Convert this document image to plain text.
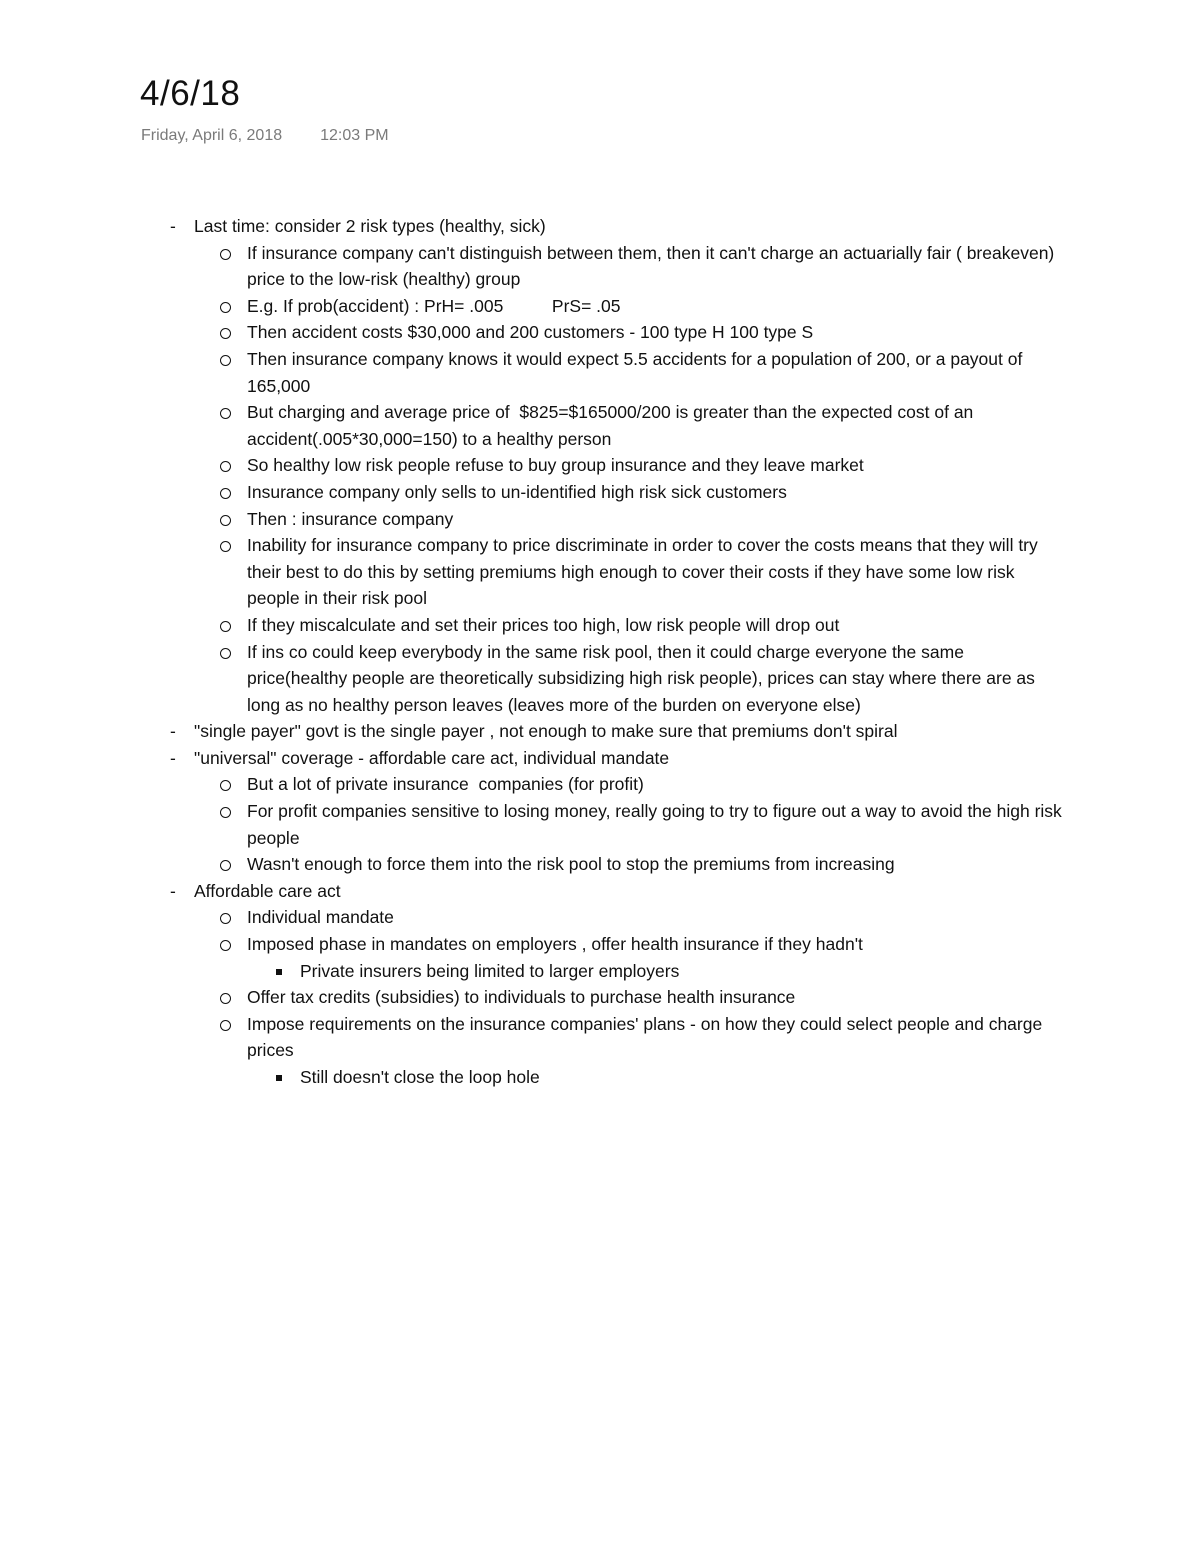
4/6/18
Friday, April 6, 2018 12:03 PM
- Last time: consider 2 risk types (healthy, sick)
If insurance company can't distinguish between them, then it can't charge an actuarially fair ( breakeven) price to the low-risk (healthy) group
E.g. If prob(accident) : PrH= .005          PrS= .05
Then accident costs $30,000 and 200 customers - 100 type H 100 type S
Then insurance company knows it would expect 5.5 accidents for a population of 200, or a payout of 165,000
But charging and average price of  $825=$165000/200 is greater than the expected cost of an accident(.005*30,000=150) to a healthy person
So healthy low risk people refuse to buy group insurance and they leave market
Insurance company only sells to un-identified high risk sick customers
Then : insurance company
Inability for insurance company to price discriminate in order to cover the costs means that they will try their best to do this by setting premiums high enough to cover their costs if they have some low risk people in their risk pool
If they miscalculate and set their prices too high, low risk people will drop out
If ins co could keep everybody in the same risk pool, then it could charge everyone the same price(healthy people are theoretically subsidizing high risk people), prices can stay where there are as long as no healthy person leaves (leaves more of the burden on everyone else)
- "single payer" govt is the single payer , not enough to make sure that premiums don't spiral
- "universal" coverage - affordable care act, individual mandate
But a lot of private insurance  companies (for profit)
For profit companies sensitive to losing money, really going to try to figure out a way to avoid the high risk people
Wasn't enough to force them into the risk pool to stop the premiums from increasing
- Affordable care act
Individual mandate
Imposed phase in mandates on employers , offer health insurance if they hadn't
Private insurers being limited to larger employers
Offer tax credits (subsidies) to individuals to purchase health insurance
Impose requirements on the insurance companies' plans - on how they could select people and charge prices
Still doesn't close the loop hole
